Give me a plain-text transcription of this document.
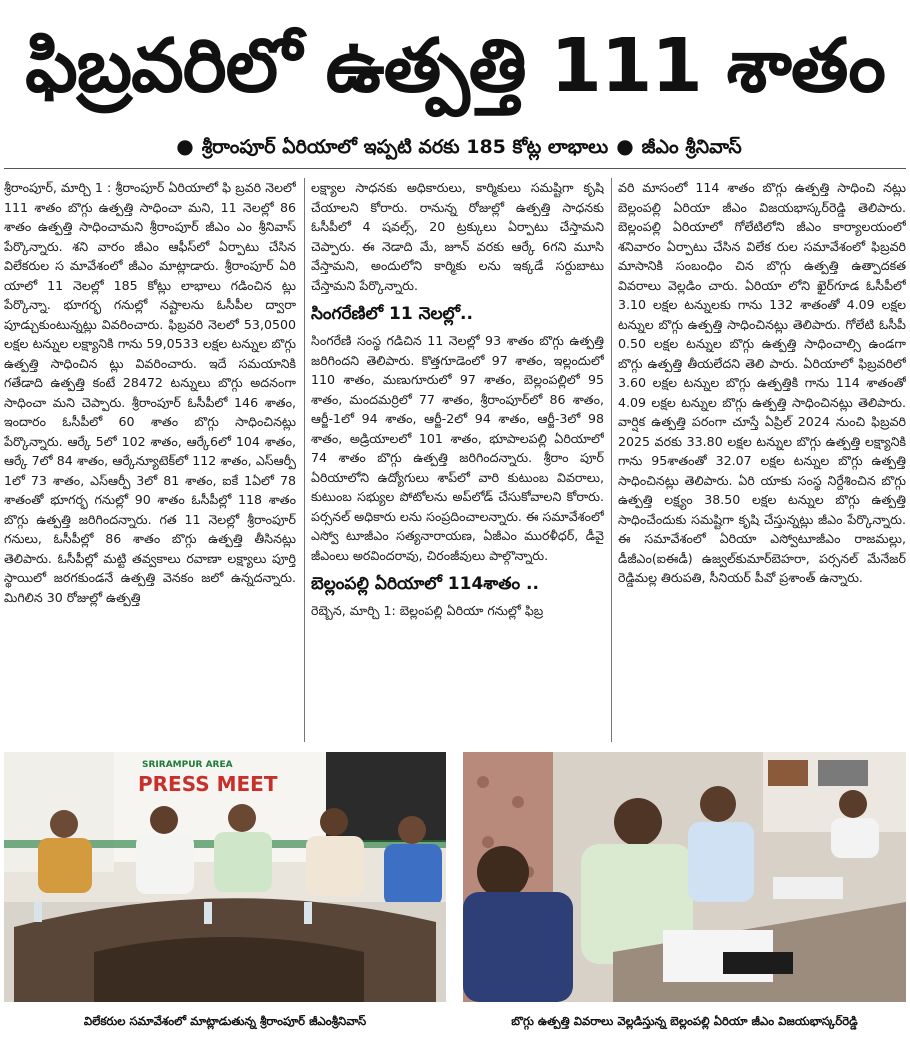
ఫిబ్రవరిలో ఉత్పత్తి 111 శాతం
● శ్రీరాంపూర్ ఏరియాలో ఇప్పటి వరకు 185 కోట్ల లాభాలు ● జీఎం శ్రీనివాస్

శ్రీరాంపూర్, మార్చి 1 : శ్రీరాంపూర్ ఏరియాలో ఫి బ్రవరి నెలలో 111 శాతం బొగ్గు ఉత్పత్తి సాధించా మని, 11 నెలల్లో 86 శాతం ఉత్పత్తి సాధించామని శ్రీరాంపూర్ జీఎం ఎం శ్రీనివాస్ పేర్కొన్నారు. శని వారం జీఎం ఆఫీస్‌లో ఏర్పాటు చేసిన విలేకరుల స మావేశంలో జీఎం మాట్లాడారు. శ్రీరాంపూర్ ఏరి యాలో 11 నెలల్లో 185 కోట్లు లాభాలు గడించిన ట్లు పేర్కొన్నా. భూగర్భ గనుల్లో నష్టాలను ఓసీపీల ద్వారా పూడ్చుకుంటున్నట్లు వివరించారు. ఫిబ్రవరి నెలలో 53,0500 లక్షల టన్నుల లక్ష్యానికి గాను 59,0533 లక్షల టన్నుల బొగ్గు ఉత్పత్తి సాధించిన ట్లు వివరించారు. ఇదే సమయానికి గతేడాది ఉత్పత్తి కంటే 28472 టన్నులు బొగ్గు అదనంగా సాధించా మని చెప్పారు. శ్రీరాంపూర్ ఓసీపీలో 146 శాతం, ఇందారం ఓసీపీలో 60 శాతం బొగ్గు సాధించినట్లు పేర్కొన్నారు. ఆర్కే 5లో 102 శాతం, ఆర్కే6లో 104 శాతం, ఆర్కే 7లో 84 శాతం, ఆర్కేన్యూటెక్‌లో 112 శాతం, ఎస్ఆర్పీ 1లో 73 శాతం, ఎస్ఆర్పీ 3లో 81 శాతం, ఐకే 1ఏలో 78 శాతంతో భూగర్భ గనుల్లో 90 శాతం ఓసీపీల్లో 118 శాతం బొగ్గు ఉత్పత్తి జరిగిందన్నారు. గత 11 నెలల్లో శ్రీరాంపూర్ గనులు, ఓసీపీల్లో 86 శాతం బొగ్గు ఉత్పత్తి తీసినట్లు తెలిపారు. ఓసీపీల్లో మట్టి తవ్వకాలు రవాణా లక్ష్యాలు పూర్తి స్థాయిలో జరగకుండనే ఉత్పత్తి వెనకం జలో ఉన్నదన్నారు. మిగిలిన 30 రోజుల్లో ఉత్పత్తి

లక్ష్యాల సాధనకు అధికారులు, కార్మికులు సమష్టిగా కృషి చేయాలని కోరారు. రానున్న రోజుల్లో ఉత్పత్తి సాధనకు ఓసీపీలో 4 షవల్స్, 20 ట్రక్కులు ఏర్పాటు చేస్తామని చెప్పారు. ఈ నెడాది మే, జూన్ వరకు ఆర్కే 6గని మూసి వేస్తామని, అందులోని కార్మికు లను ఇక్కడే సర్దుబాటు చేస్తామని పేర్కొన్నారు.

సింగరేణిలో 11 నెలల్లో..

సింగరేణి సంస్థ గడిచిన 11 నెలల్లో 93 శాతం బొగ్గు ఉత్పత్తి జరిగిందని తెలిపారు. కొత్తగూడెంలో 97 శాతం, ఇల్లందులో 110 శాతం, మణుగూరులో 97 శాతం, బెల్లంపల్లిలో 95 శాతం, మందమర్రిలో 77 శాతం, శ్రీరాంపూర్‌లో 86 శాతం, ఆర్జీ-1లో 94 శాతం, ఆర్జీ-2లో 94 శాతం, ఆర్జీ-3లో 98 శాతం, అడ్రియాలలో 101 శాతం, భూపాలపల్లి ఏరియాలో 74 శాతం బొగ్గు ఉత్పత్తి జరిగిందన్నారు. శ్రీరాం పూర్ ఏరియాలోని ఉద్యోగులు శాప్‌లో వారి కుటుంబ వివరాలు, కుటుంబ సభ్యుల పోటోలను అప్‌లోడ్ చేసుకోవాలని కోరారు. పర్సనల్ అధికారు లను సంప్రదించాలన్నారు. ఈ సమావేశంలో ఎస్వో టూజీఎం సత్యనారాయణ, ఏజీఎం మురళీధర్, డీవై జీఎంలు అరవిందరావు, చిరంజీవులు పాల్గొన్నారు.

బెల్లంపల్లి ఏరియాలో 114శాతం ..

రెబ్బెన, మార్చి 1: బెల్లంపల్లి ఏరియా గనుల్లో ఫిబ్ర

వరి మాసంలో 114 శాతం బొగ్గు ఉత్పత్తి సాధించి నట్లు బెల్లంపల్లి ఏరియా జీఎం విజయభాస్కర్‌రెడ్డి తెలిపారు. బెల్లంపల్లి ఏరియాలో గోలేటిలోని జీఎం కార్యాలయంలో శనివారం ఏర్పాటు చేసిన విలేక రుల సమావేశంలో ఫిబ్రవరి మాసానికి సంబంధిం చిన బొగ్గు ఉత్పత్తి ఉత్పాదకత వివరాలు వెల్లడిం చారు. ఏరియా లోని ఖైర్‌గూడ ఓసీపీలో 3.10 లక్షల టన్నులకు గాను 132 శాతంతో 4.09 లక్షల టన్నుల బొగ్గు ఉత్పత్తి సాధించినట్లు తెలిపారు. గోలేటి ఓసీపీ 0.50 లక్షల టన్నుల బొగ్గు ఉత్పత్తి సాధించాల్సి ఉండగా బొగ్గు ఉత్పత్తి తీయలేదని తెలి పారు. ఏరియాలో ఫిబ్రవరిలో 3.60 లక్షల టన్నుల బొగ్గు ఉత్పత్తికి గాను 114 శాతంతో 4.09 లక్షల టన్నుల బొగ్గు ఉత్పత్తి సాధించినట్లు తెలిపారు. వార్షిక ఉత్పత్తి పరంగా చూస్తే ఏప్రిల్ 2024 నుంచి ఫిబ్రవరి 2025 వరకు 33.80 లక్షల టన్నుల బొగ్గు ఉత్పత్తి లక్ష్యానికి గాను 95శాతంతో 32.07 లక్షల టన్నుల బొగ్గు ఉత్పత్తి సాధించినట్లు తెలిపారు. ఏరి యాకు సంస్థ నిర్దేశించిన బొగ్గు ఉత్పత్తి లక్ష్యం 38.50 లక్షల టన్నుల బొగ్గు ఉత్పత్తి సాధించేందుకు సమష్టిగా కృషి చేస్తున్నట్లు జీఎం పేర్కొన్నారు. ఈ సమావేశంలో ఏరియా ఎస్వోటూజీఎం రాజమల్లు, డీజీఎం(ఐఈడీ) ఉజ్వల్‌కుమార్‌బెహరా, పర్సనల్ మేనేజర్ రెడ్డిమల్ల తిరుపతి, సీనియర్ పీవో ప్రశాంత్ ఉన్నారు.

SRIRAMPUR AREA
PRESS MEET
విలేకరుల సమావేశంలో మాట్లాడుతున్న శ్రీరాంపూర్ జీఎంశ్రీనివాస్	బొగ్గు ఉత్పత్తి వివరాలు వెల్లడిస్తున్న బెల్లంపల్లి ఏరియా జీఎం విజయభాస్కర్‌రెడ్డి
